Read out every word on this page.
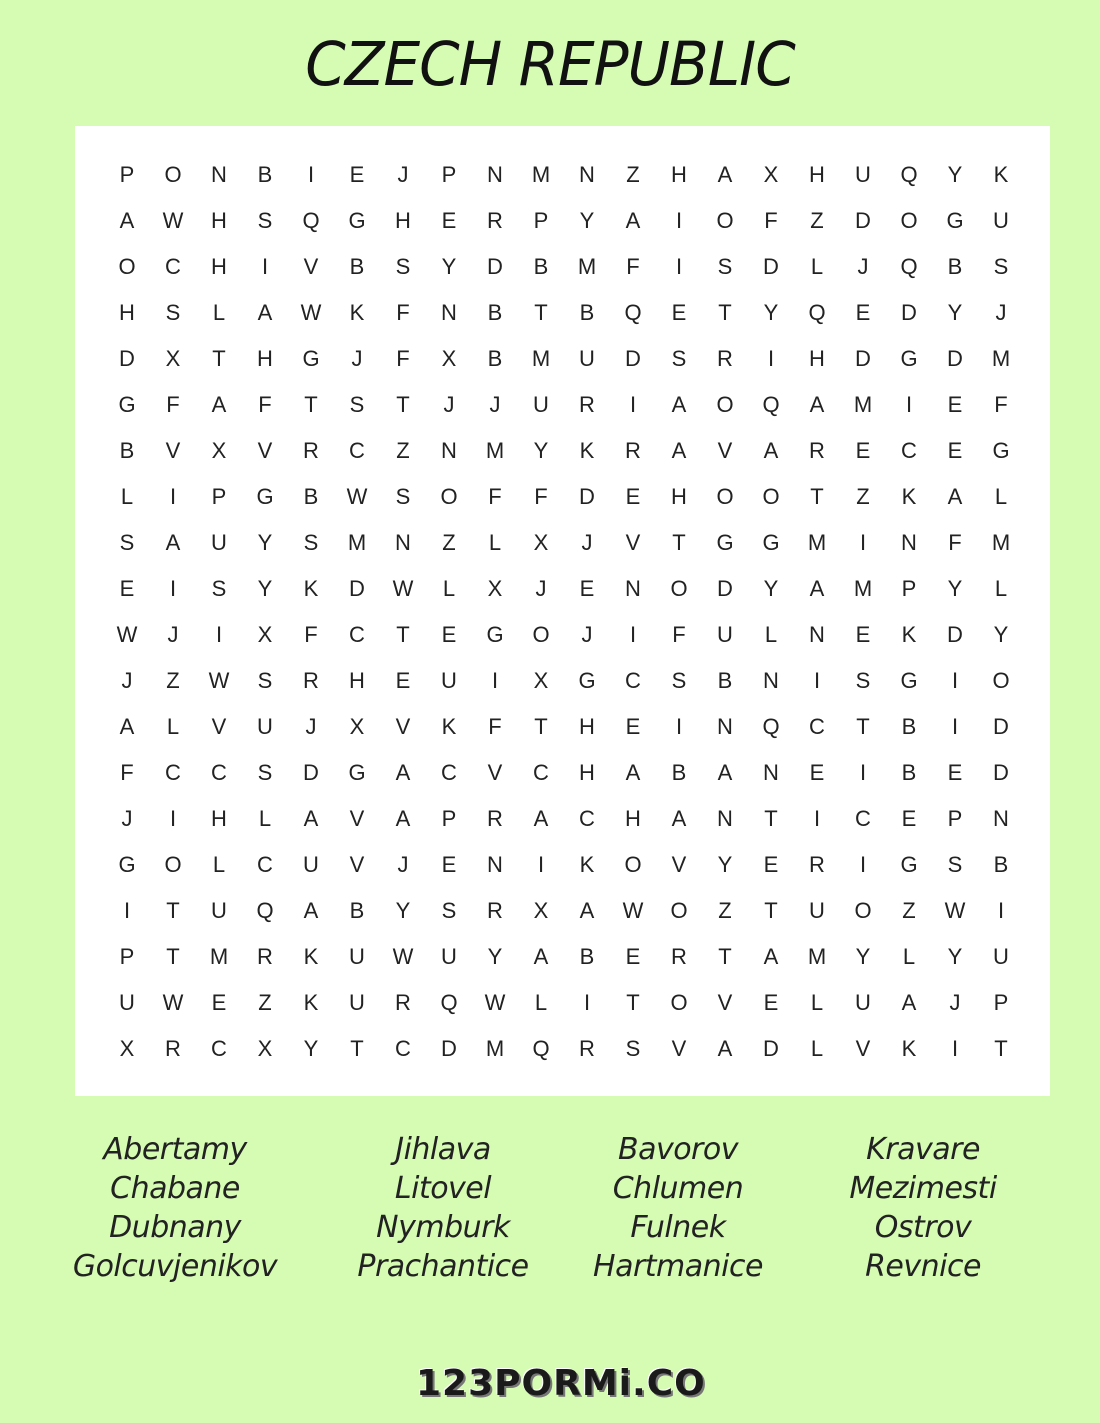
CZECH REPUBLIC
P	O	N	B	I	E	J	P	N	M	N	Z	H	A	X	H	U	Q	Y	K
A	W	H	S	Q	G	H	E	R	P	Y	A	I	O	F	Z	D	O	G	U
O	C	H	I	V	B	S	Y	D	B	M	F	I	S	D	L	J	Q	B	S
H	S	L	A	W	K	F	N	B	T	B	Q	E	T	Y	Q	E	D	Y	J
D	X	T	H	G	J	F	X	B	M	U	D	S	R	I	H	D	G	D	M
G	F	A	F	T	S	T	J	J	U	R	I	A	O	Q	A	M	I	E	F
B	V	X	V	R	C	Z	N	M	Y	K	R	A	V	A	R	E	C	E	G
L	I	P	G	B	W	S	O	F	F	D	E	H	O	O	T	Z	K	A	L
S	A	U	Y	S	M	N	Z	L	X	J	V	T	G	G	M	I	N	F	M
E	I	S	Y	K	D	W	L	X	J	E	N	O	D	Y	A	M	P	Y	L
W	J	I	X	F	C	T	E	G	O	J	I	F	U	L	N	E	K	D	Y
J	Z	W	S	R	H	E	U	I	X	G	C	S	B	N	I	S	G	I	O
A	L	V	U	J	X	V	K	F	T	H	E	I	N	Q	C	T	B	I	D
F	C	C	S	D	G	A	C	V	C	H	A	B	A	N	E	I	B	E	D
J	I	H	L	A	V	A	P	R	A	C	H	A	N	T	I	C	E	P	N
G	O	L	C	U	V	J	E	N	I	K	O	V	Y	E	R	I	G	S	B
I	T	U	Q	A	B	Y	S	R	X	A	W	O	Z	T	U	O	Z	W	I
P	T	M	R	K	U	W	U	Y	A	B	E	R	T	A	M	Y	L	Y	U
U	W	E	Z	K	U	R	Q	W	L	I	T	O	V	E	L	U	A	J	P
X	R	C	X	Y	T	C	D	M	Q	R	S	V	A	D	L	V	K	I	T
Abertamy
Chabane
Dubnany
Golcuvjenikov
Jihlava
Litovel
Nymburk
Prachantice
Bavorov
Chlumen
Fulnek
Hartmanice
Kravare
Mezimesti
Ostrov
Revnice
123PORMi.CO
